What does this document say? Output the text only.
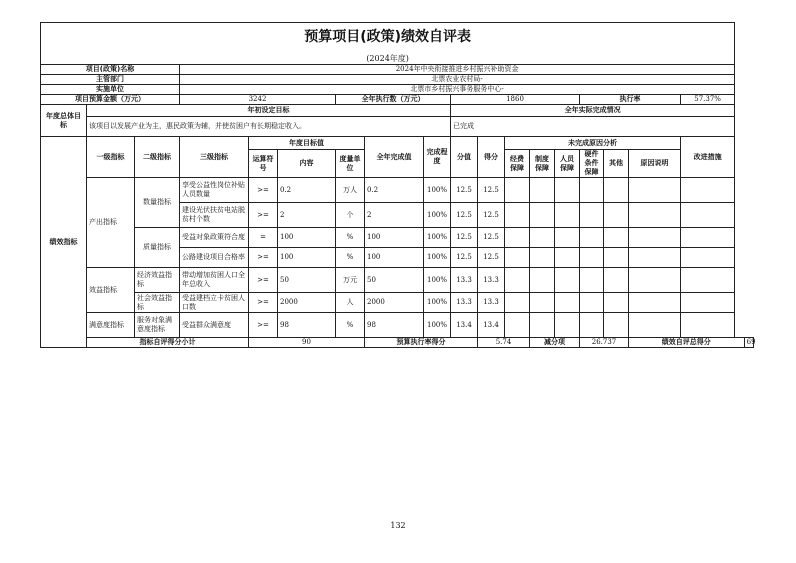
预算项目(政策)绩效自评表																		
(2024年度)																		
项目(政策)名称			2024年中央衔接推进乡村振兴补助资金															
主管部门			北票农业农村局-															
实施单位			北票市乡村振兴事务服务中心-															
项目预算金额（万元）			3242			全年执行数（万元）			1860					执行率			57.37%	
年度总体目标	年初设定目标								全年实际完成情况									
	该项目以发展产业为主，惠民政策为辅，并使贫困户有长期稳定收入。								已完成									
绩效指标	一级指标	二级指标	三级指标	年度目标值			全年完成值	完成程度	分值	得分	未完成原因分析						改进措施	
				运算符号	内容	度量单位					经费保障	制度保障	人员保障	硬件条件保障	其他	原因说明		
	产出指标	数量指标	享受公益性岗位补贴人员数量	>=	0.2	万人	0.2	100%	12.5	12.5								
			建设光伏扶贫电站脱贫村个数	>=	2	个	2	100%	12.5	12.5								
		质量指标	受益对象政策符合度	=	100	%	100	100%	12.5	12.5								
			公路建设项目合格率	>=	100	%	100	100%	12.5	12.5								
	效益指标	经济效益指标	带动增加贫困人口全年总收入	>=	50	万元	50	100%	13.3	13.3								
		社会效益指标	受益建档立卡贫困人口数	>=	2000	人	2000	100%	13.3	13.3								
	满意度指标	服务对象满意度指标	受益群众满意度	>=	98	%	98	100%	13.4	13.4								
	指标自评得分小计			90			预算执行率得分			5.74		减分项		26.737		绩效自评总得分		69
132
